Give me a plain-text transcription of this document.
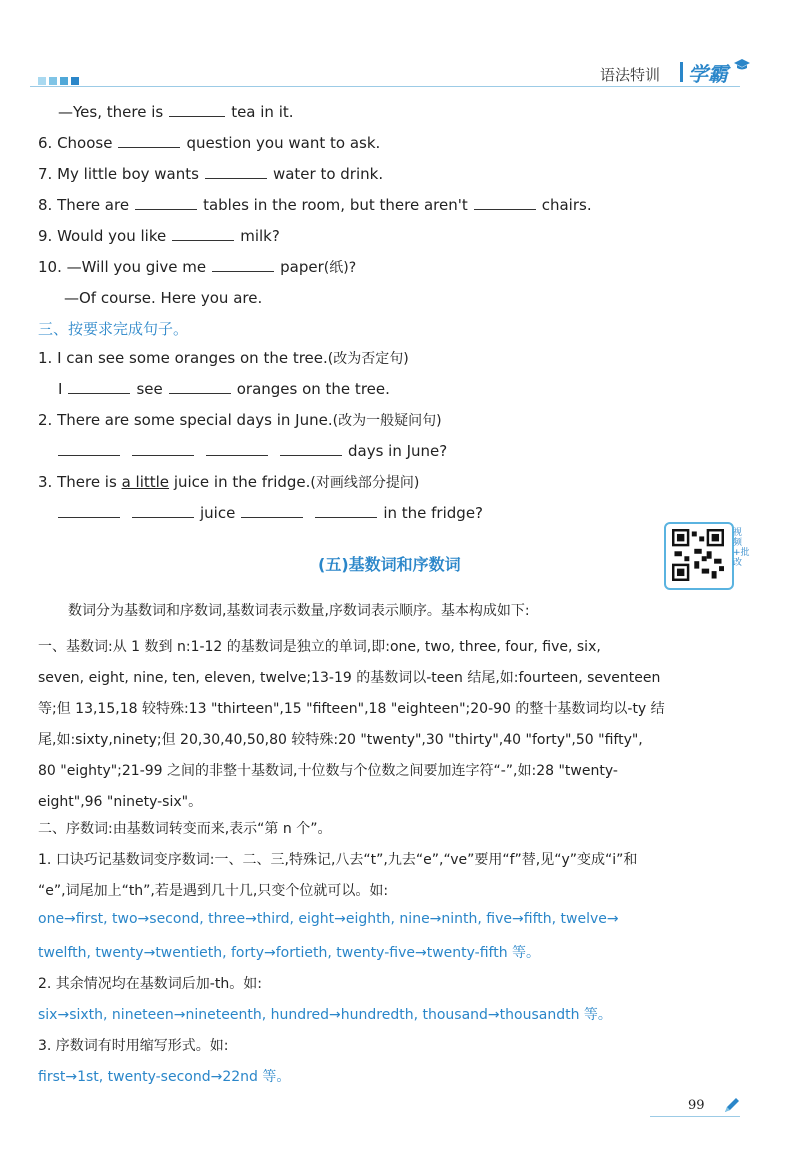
语法特训 学霸
—Yes, there is	tea in it.
6. Choose	question you want to ask.
7. My little boy wants	water to drink.
8. There are	tables in the room, but there aren't	chairs.
9. Would you like	milk?
10. —Will you give me	paper(纸)?
—Of course. Here you are.
三、按要求完成句子。
1. I can see some oranges on the tree.(改为否定句)
I	see	oranges on the tree.
2. There are some special days in June.(改为一般疑问句)
days in June?
3. There is a little juice in the fridge.(对画线部分提问)
juice	in the fridge?
(五)基数词和序数词
视频+批改
数词分为基数词和序数词,基数词表示数量,序数词表示顺序。基本构成如下:
一、基数词:从 1 数到 n:1-12 的基数词是独立的单词,即:one, two, three, four, five, six,
seven, eight, nine, ten, eleven, twelve;13-19 的基数词以-teen 结尾,如:fourteen, seventeen
等;但 13,15,18 较特殊:13 "thirteen",15 "fifteen",18 "eighteen";20-90 的整十基数词均以-ty 结
尾,如:sixty,ninety;但 20,30,40,50,80 较特殊:20 "twenty",30 "thirty",40 "forty",50 "fifty",
80 "eighty";21-99 之间的非整十基数词,十位数与个位数之间要加连字符“-”,如:28 "twenty-
eight",96 "ninety-six"。
二、序数词:由基数词转变而来,表示“第 n 个”。
1. 口诀巧记基数词变序数词:一、二、三,特殊记,八去“t”,九去“e”,“ve”要用“f”替,见“y”变成“i”和
“e”,词尾加上“th”,若是遇到几十几,只变个位就可以。如:
one→first, two→second, three→third, eight→eighth, nine→ninth, five→fifth, twelve→
twelfth, twenty→twentieth, forty→fortieth, twenty-five→twenty-fifth 等。
2. 其余情况均在基数词后加-th。如:
six→sixth, nineteen→nineteenth, hundred→hundredth, thousand→thousandth 等。
3. 序数词有时用缩写形式。如:
first→1st, twenty-second→22nd 等。
99
